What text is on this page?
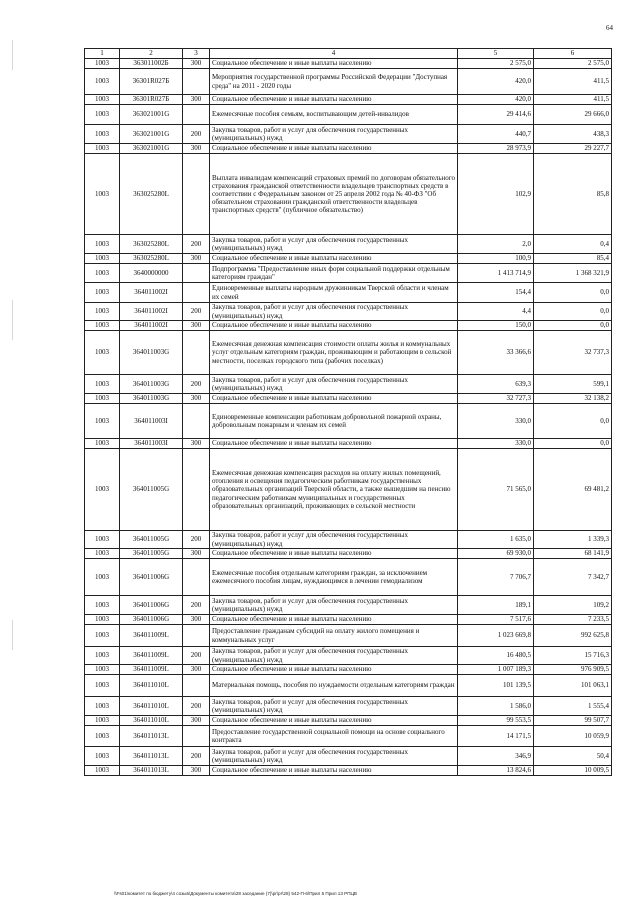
64
1	2	3	4	5	6
1003	363011002Б	300	Социальное обеспечение и иные выплаты населению	2 575,0	2 575,0
1003	36301R027Б		Мероприятия государственной программы Российской Федерации "Доступная среда" на 2011 - 2020 годы	420,0	411,5
1003	36301R027Б	300	Социальное обеспечение и иные выплаты населению	420,0	411,5
1003	363021001G		Ежемесячные пособия семьям, воспитывающим детей-инвалидов	29 414,6	29 666,0
1003	363021001G	200	Закупка товаров, работ и услуг для обеспечения государственных (муниципальных) нужд	440,7	438,3
1003	363021001G	300	Социальное обеспечение и иные выплаты населению	28 973,9	29 227,7
1003	363025280L		Выплата инвалидам компенсаций страховых премий по договорам обязательного страхования гражданской ответственности владельцев транспортных средств в соответствии с Федеральным законом от 25 апреля 2002 года № 40-ФЗ "Об обязательном страховании гражданской ответственности владельцев транспортных средств" (публичное обязательство)	102,9	85,8
1003	363025280L	200	Закупка товаров, работ и услуг для обеспечения государственных (муниципальных) нужд	2,0	0,4
1003	363025280L	300	Социальное обеспечение и иные выплаты населению	100,9	85,4
1003	3640000000		Подпрограмма "Предоставление иных форм социальной поддержки отдельным категориям граждан"	1 413 714,9	1 368 321,9
1003	364011002I		Единовременные выплаты народным дружинникам Тверской области и членам их семей	154,4	0,0
1003	364011002I	200	Закупка товаров, работ и услуг для обеспечения государственных (муниципальных) нужд	4,4	0,0
1003	364011002I	300	Социальное обеспечение и иные выплаты населению	150,0	0,0
1003	364011003G		Ежемесячная денежная компенсация стоимости оплаты жилья и коммунальных услуг отдельным категориям граждан, проживающим и работающим в сельской местности, поселках городского типа (рабочих поселках)	33 366,6	32 737,3
1003	364011003G	200	Закупка товаров, работ и услуг для обеспечения государственных (муниципальных) нужд	639,3	599,1
1003	364011003G	300	Социальное обеспечение и иные выплаты населению	32 727,3	32 138,2
1003	364011003I		Единовременные компенсации работникам добровольной пожарной охраны, добровольным пожарным и членам их семей	330,0	0,0
1003	364011003I	300	Социальное обеспечение и иные выплаты населению	330,0	0,0
1003	364011005G		Ежемесячная денежная компенсация расходов на оплату жилых помещений, отопления и освещения педагогическим работникам государственных образовательных организаций Тверской области, а также вышедшим на пенсию педагогическим работникам муниципальных и государственных образовательных организаций, проживающих в сельской местности	71 565,0	69 481,2
1003	364011005G	200	Закупка товаров, работ и услуг для обеспечения государственных (муниципальных) нужд	1 635,0	1 339,3
1003	364011005G	300	Социальное обеспечение и иные выплаты населению	69 930,0	68 141,9
1003	364011006G		Ежемесячные пособия отдельным категориям граждан, за исключением ежемесячного пособия лицам, нуждающимся в лечении гемодиализом	7 706,7	7 342,7
1003	364011006G	200	Закупка товаров, работ и услуг для обеспечения государственных (муниципальных) нужд	189,1	109,2
1003	364011006G	300	Социальное обеспечение и иные выплаты населению	7 517,6	7 233,5
1003	364011009L		Предоставление гражданам субсидий на оплату жилого помещения и коммунальных услуг	1 023 669,8	992 625,8
1003	364011009L	200	Закупка товаров, работ и услуг для обеспечения государственных (муниципальных) нужд	16 480,5	15 716,3
1003	364011009L	300	Социальное обеспечение и иные выплаты населению	1 007 189,3	976 909,5
1003	364011010L		Материальная помощь, пособия по нуждаемости отдельным категориям граждан	101 139,5	101 063,1
1003	364011010L	200	Закупка товаров, работ и услуг для обеспечения государственных (муниципальных) нужд	1 586,0	1 555,4
1003	364011010L	300	Социальное обеспечение и иные выплаты населению	99 553,5	99 507,7
1003	364011013L		Предоставление государственной социальной помощи на основе социального контракта	14 171,5	10 059,9
1003	364011013L	200	Закупка товаров, работ и услуг для обеспечения государственных (муниципальных) нужд	346,9	50,4
1003	364011013L	300	Социальное обеспечение и иные выплаты населению	13 824,6	10 009,5
\\Fs01\комитет по бюджету\4 созыв\Документы комитета\28 заседание (7)\pr\pr\28) 542-П-6\Прил 5 Прил 13 РПЦВ
